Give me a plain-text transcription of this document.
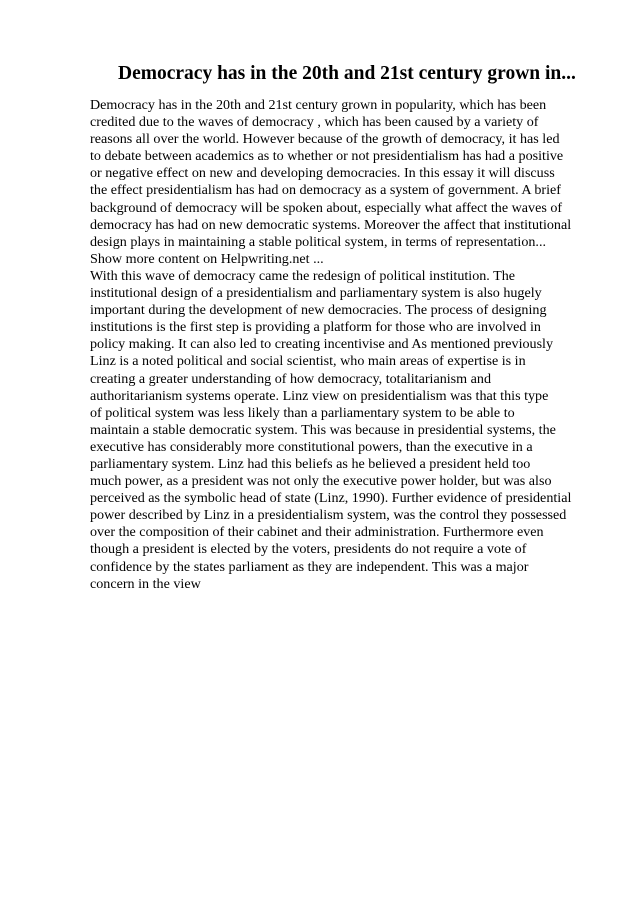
Democracy has in the 20th and 21st century grown in...
Democracy has in the 20th and 21st century grown in popularity, which has been
credited due to the waves of democracy , which has been caused by a variety of
reasons all over the world. However because of the growth of democracy, it has led
to debate between academics as to whether or not presidentialism has had a positive
or negative effect on new and developing democracies. In this essay it will discuss
the effect presidentialism has had on democracy as a system of government. A brief
background of democracy will be spoken about, especially what affect the waves of
democracy has had on new democratic systems. Moreover the affect that institutional
design plays in maintaining a stable political system, in terms of representation...
Show more content on Helpwriting.net ...
With this wave of democracy came the redesign of political institution. The
institutional design of a presidentialism and parliamentary system is also hugely
important during the development of new democracies. The process of designing
institutions is the first step is providing a platform for those who are involved in
policy making. It can also led to creating incentivise and As mentioned previously
Linz is a noted political and social scientist, who main areas of expertise is in
creating a greater understanding of how democracy, totalitarianism and
authoritarianism systems operate. Linz view on presidentialism was that this type
of political system was less likely than a parliamentary system to be able to
maintain a stable democratic system. This was because in presidential systems, the
executive has considerably more constitutional powers, than the executive in a
parliamentary system. Linz had this beliefs as he believed a president held too
much power, as a president was not only the executive power holder, but was also
perceived as the symbolic head of state (Linz, 1990). Further evidence of presidential
power described by Linz in a presidentialism system, was the control they possessed
over the composition of their cabinet and their administration. Furthermore even
though a president is elected by the voters, presidents do not require a vote of
confidence by the states parliament as they are independent. This was a major
concern in the view
